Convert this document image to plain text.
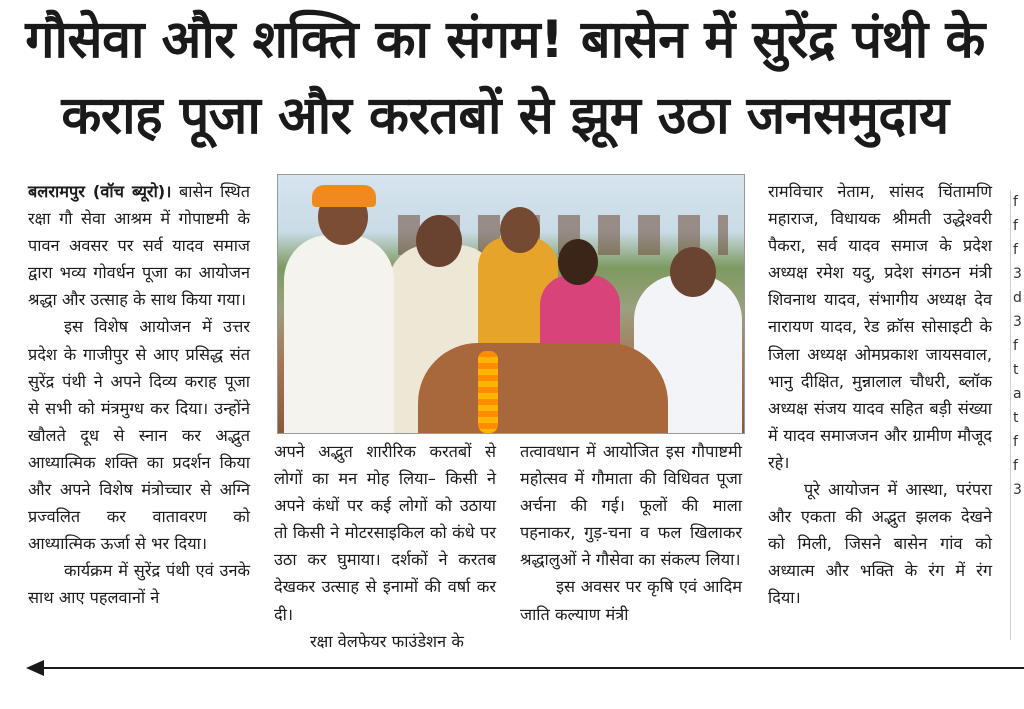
गौसेवा और शक्ति का संगम! बासेन में सुरेंद्र पंथी के
कराह पूजा और करतबों से झूम उठा जनसमुदाय

बलरामपुर (वॉच ब्यूरो)। बासेन स्थित रक्षा गौ सेवा आश्रम में गोपाष्टमी के पावन अवसर पर सर्व यादव समाज द्वारा भव्य गोवर्धन पूजा का आयोजन श्रद्धा और उत्साह के साथ किया गया।

इस विशेष आयोजन में उत्तर प्रदेश के गाजीपुर से आए प्रसिद्ध संत सुरेंद्र पंथी ने अपने दिव्य कराह पूजा से सभी को मंत्रमुग्ध कर दिया। उन्होंने खौलते दूध से स्नान कर अद्भुत आध्यात्मिक शक्ति का प्रदर्शन किया और अपने विशेष मंत्रोच्चार से अग्नि प्रज्वलित कर वातावरण को आध्यात्मिक ऊर्जा से भर दिया।

कार्यक्रम में सुरेंद्र पंथी एवं उनके साथ आए पहलवानों ने

अपने अद्भुत शारीरिक करतबों से लोगों का मन मोह लिया– किसी ने अपने कंधों पर कई लोगों को उठाया तो किसी ने मोटरसाइकिल को कंधे पर उठा कर घुमाया। दर्शकों ने करतब देखकर उत्साह से इनामों की वर्षा कर दी।

रक्षा वेलफेयर फाउंडेशन के

तत्वावधान में आयोजित इस गौपाष्टमी महोत्सव में गौमाता की विधिवत पूजा अर्चना की गई। फूलों की माला पहनाकर, गुड़-चना व फल खिलाकर श्रद्धालुओं ने गौसेवा का संकल्प लिया।

इस अवसर पर कृषि एवं आदिम जाति कल्याण मंत्री

रामविचार नेताम, सांसद चिंतामणि महाराज, विधायक श्रीमती उद्धेश्वरी पैकरा, सर्व यादव समाज के प्रदेश अध्यक्ष रमेश यदु, प्रदेश संगठन मंत्री शिवनाथ यादव, संभागीय अध्यक्ष देव नारायण यादव, रेड क्रॉस सोसाइटी के जिला अध्यक्ष ओमप्रकाश जायसवाल, भानु दीक्षित, मुन्नालाल चौधरी, ब्लॉक अध्यक्ष संजय यादव सहित बड़ी संख्या में यादव समाजजन और ग्रामीण मौजूद रहे।

पूरे आयोजन में आस्था, परंपरा और एकता की अद्भुत झलक देखने को मिली, जिसने बासेन गांव को अध्यात्म और भक्ति के रंग में रंग दिया।

f
f
f
3
d
3
f
t
a
t
f
f
3
